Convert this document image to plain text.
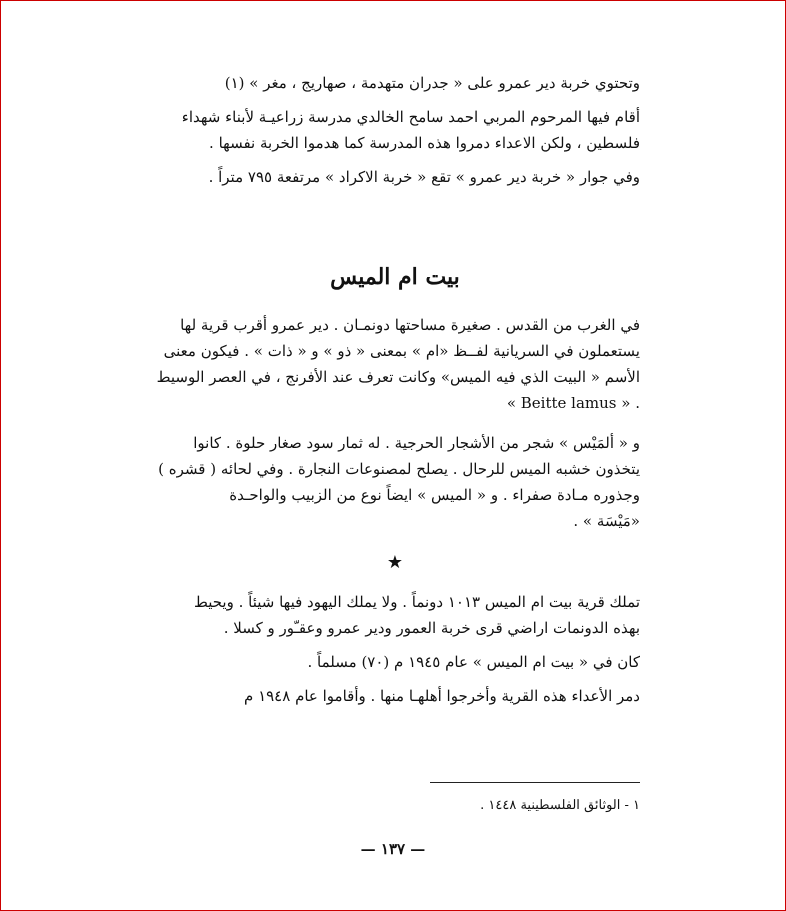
وتحتوي خربة دير عمرو على « جدران متهدمة ، صهاريج ، مغر » (١)
أقام فيها المرحوم المربي احمد سامح الخالدي مدرسة زراعيـة لأبناء شهداء
فلسطين ، ولكن الاعداء دمروا هذه المدرسة كما هدموا الخربة نفسها .
وفي جوار « خربة دير عمرو » تقع « خربة الاكراد » مرتفعة ٧٩٥ متراً .
بيت ام الميس
في الغرب من القدس . صغيرة مساحتها دونمـان . دير عمرو أقرب قرية لها
يستعملون في السريانية لفــظ «ام » بمعنى « ذو » و « ذات » . فيكون معنى
الأسم « البيت الذي فيه الميس» وكانت تعرف عند الأفرنج ، في العصر الوسيط
. « Beitte lamus »
و « ألمَيْس » شجر من الأشجار الحرجية . له ثمار سود صغار حلوة . كانوا
يتخذون خشبه الميس للرحال . يصلح لمصنوعات النجارة . وفي لحائه ( قشره )
وجذوره مـادة صفراء . و « الميس » ايضاً نوع من الزبيب والواحـدة
«مَيْسَة » .
★
تملك قرية بيت ام الميس ١٠١٣ دونماً . ولا يملك اليهود فيها شيئاً . ويحيط
بهذه الدونمات اراضي قرى خربة العمور ودير عمرو وعقـّور و كسلا .
كان في « بيت ام الميس » عام ١٩٤٥ م (٧٠) مسلماً .
دمر الأعداء هذه القرية وأخرجوا أهلهـا منها . وأقاموا عام ١٩٤٨ م
١ - الوثائق الفلسطينية ١٤٤٨ .
— ١٣٧ —
